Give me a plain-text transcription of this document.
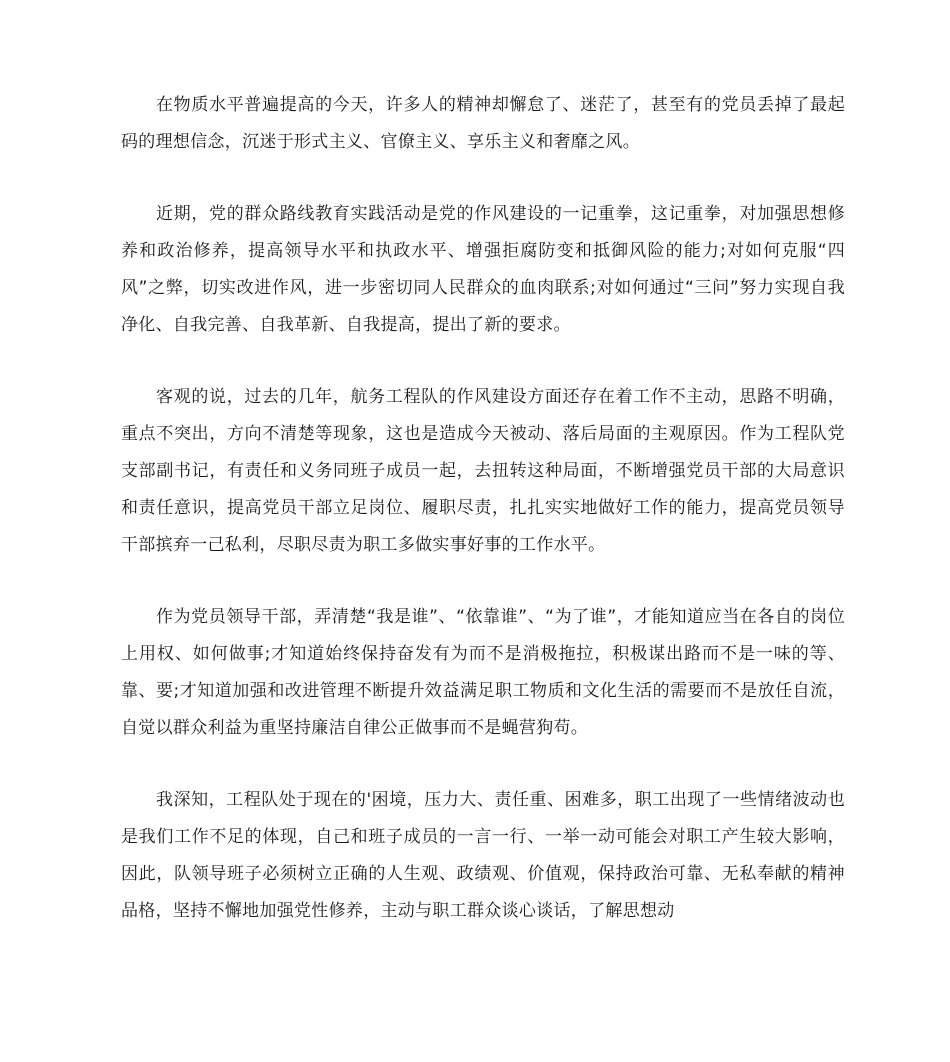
在物质水平普遍提高的今天，许多人的精神却懈怠了、迷茫了，甚至有的党员丢掉了最起码的理想信念，沉迷于形式主义、官僚主义、享乐主义和奢靡之风。

近期，党的群众路线教育实践活动是党的作风建设的一记重拳，这记重拳，对加强思想修养和政治修养，提高领导水平和执政水平、增强拒腐防变和抵御风险的能力;对如何克服“四风”之弊，切实改进作风，进一步密切同人民群众的血肉联系;对如何通过“三问”努力实现自我净化、自我完善、自我革新、自我提高，提出了新的要求。

客观的说，过去的几年，航务工程队的作风建设方面还存在着工作不主动，思路不明确，重点不突出，方向不清楚等现象，这也是造成今天被动、落后局面的主观原因。作为工程队党支部副书记，有责任和义务同班子成员一起，去扭转这种局面，不断增强党员干部的大局意识和责任意识，提高党员干部立足岗位、履职尽责，扎扎实实地做好工作的能力，提高党员领导干部摈弃一己私利，尽职尽责为职工多做实事好事的工作水平。

作为党员领导干部，弄清楚“我是谁”、“依靠谁”、“为了谁”，才能知道应当在各自的岗位上用权、如何做事;才知道始终保持奋发有为而不是消极拖拉，积极谋出路而不是一味的等、靠、要;才知道加强和改进管理不断提升效益满足职工物质和文化生活的需要而不是放任自流，自觉以群众利益为重坚持廉洁自律公正做事而不是蝇营狗苟。

我深知，工程队处于现在的'困境，压力大、责任重、困难多，职工出现了一些情绪波动也是我们工作不足的体现，自己和班子成员的一言一行、一举一动可能会对职工产生较大影响，因此，队领导班子必须树立正确的人生观、政绩观、价值观，保持政治可靠、无私奉献的精神品格，坚持不懈地加强党性修养，主动与职工群众谈心谈话，了解思想动
